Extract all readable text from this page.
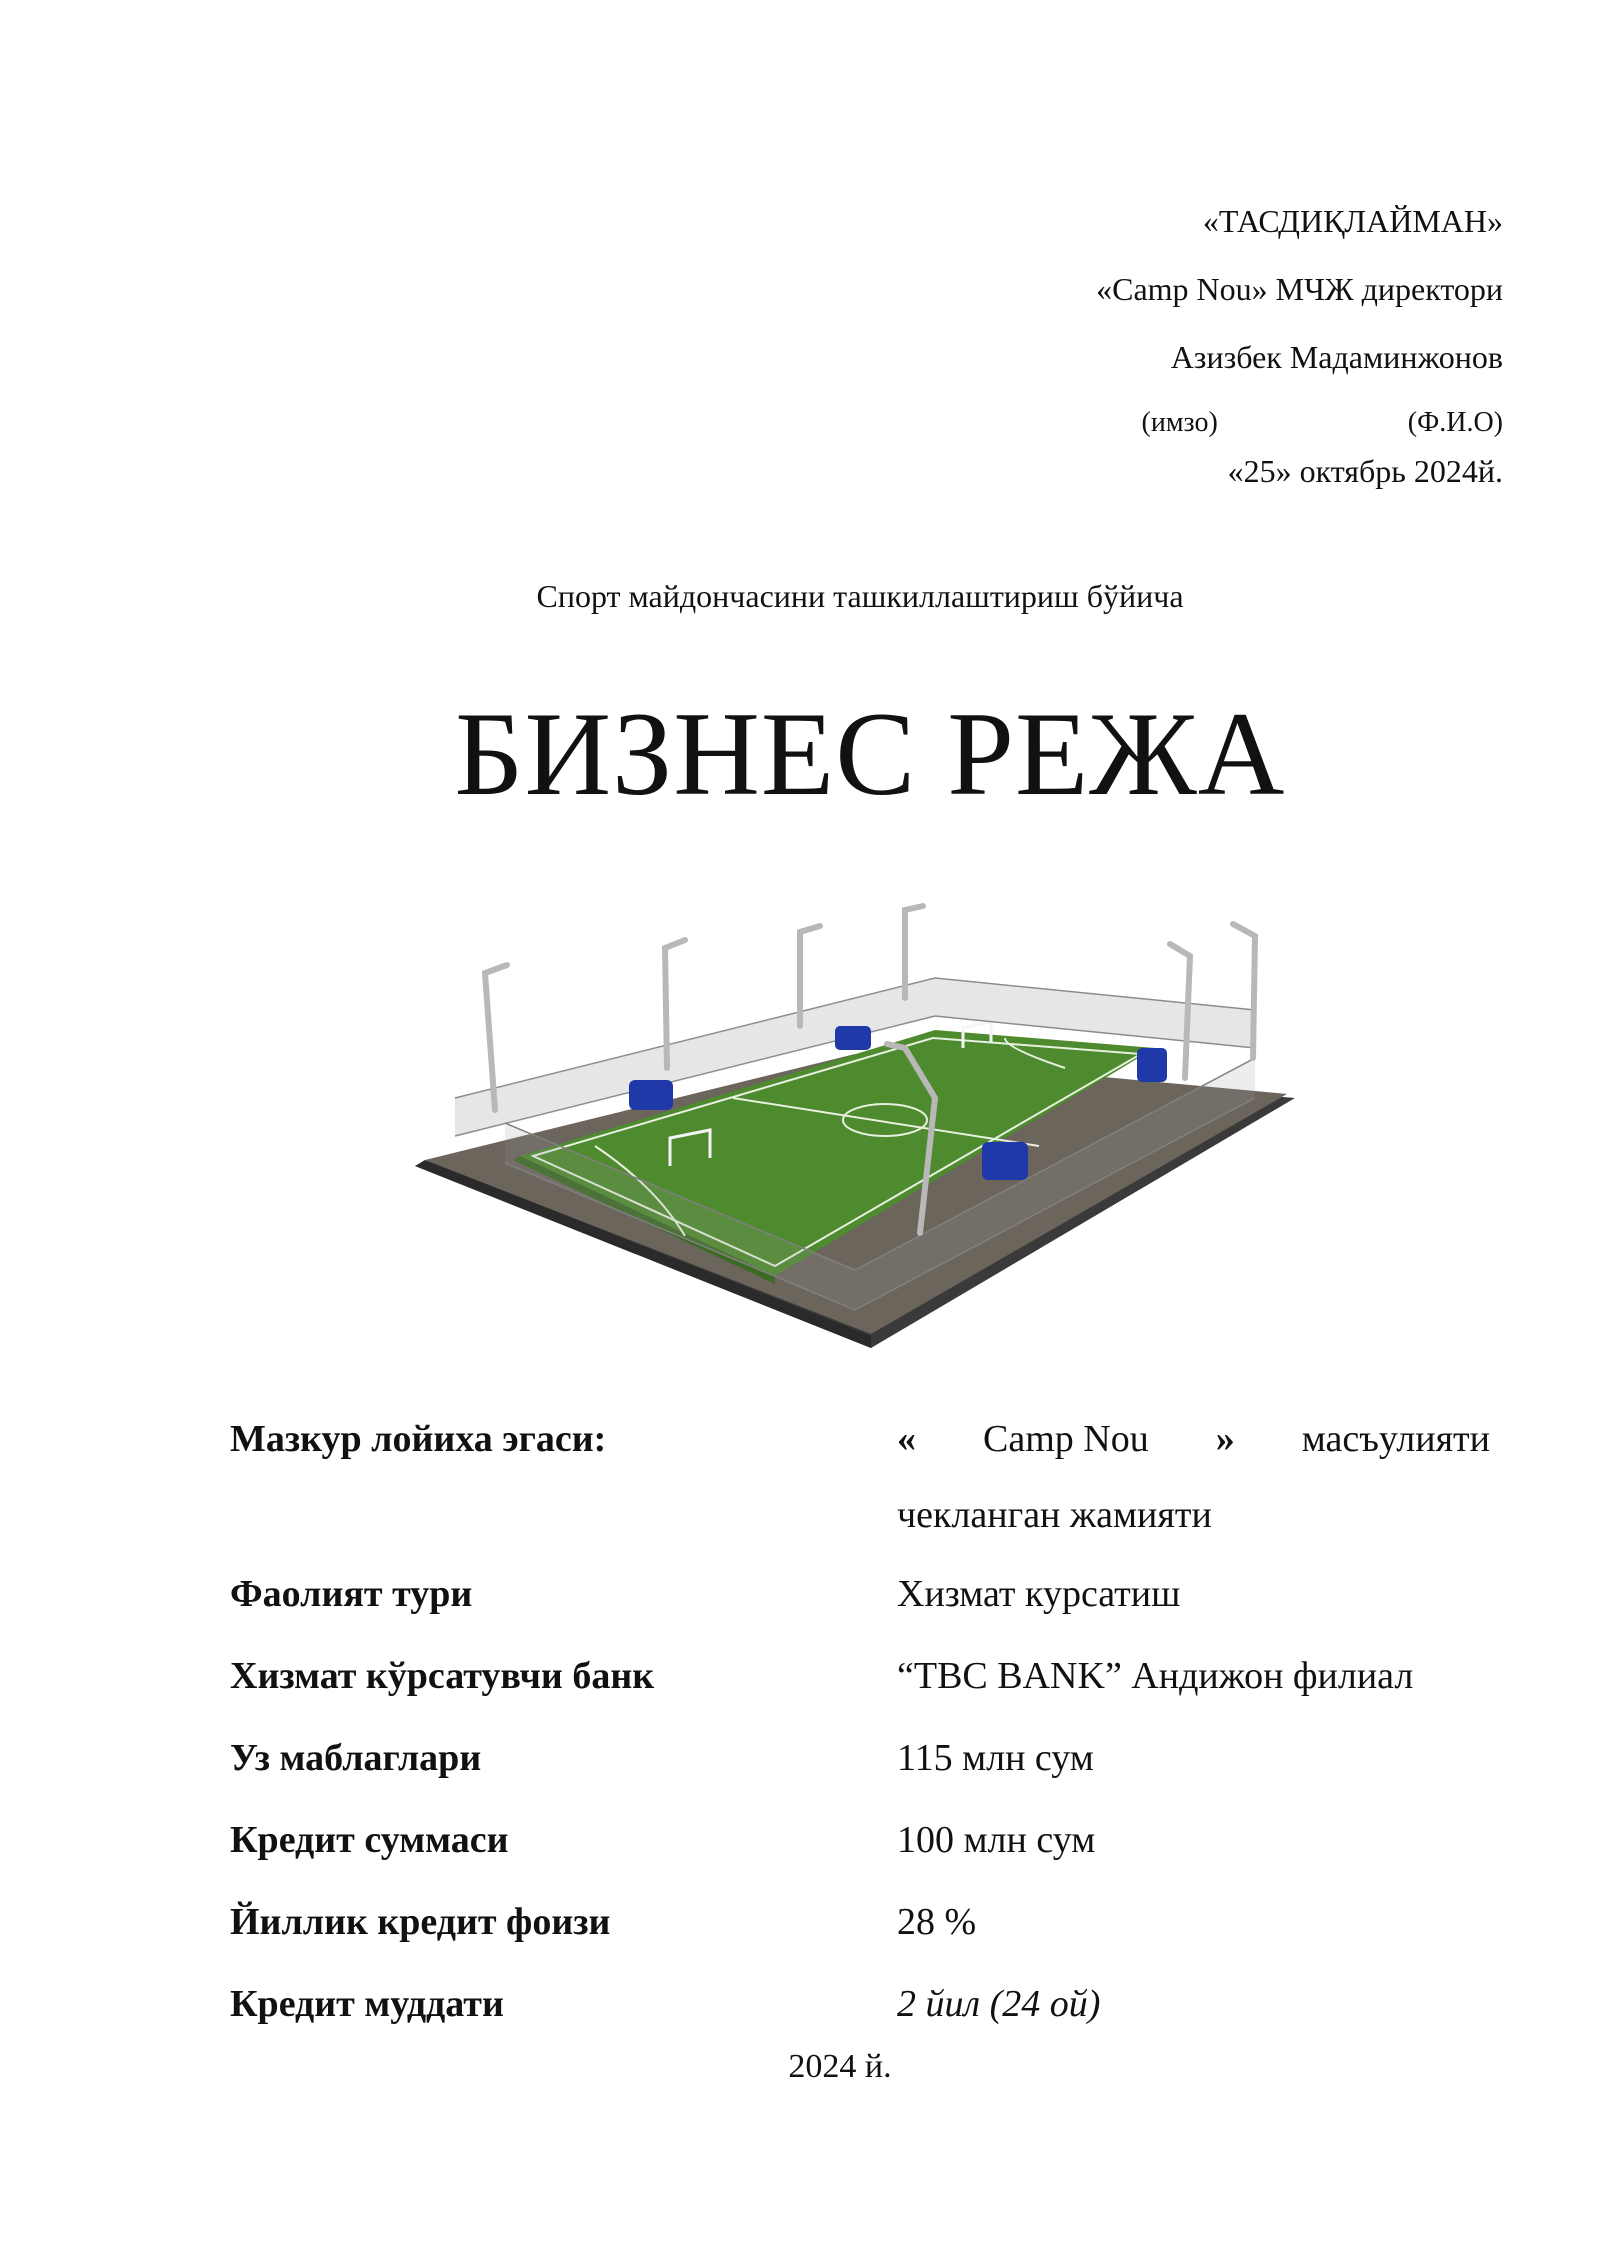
«ТАСДИҚЛАЙМАН»
«Camp Nou» МЧЖ директори
Азизбек Мадаминжонов
(имзо)	(Ф.И.О)
«25» октябрь 2024й.
Спорт майдончасини ташкиллаштириш бўйича
БИЗНЕС РЕЖА
Мазкур лойиха эгаси:	« Camp Nou » масъулияти
чекланган жамияти
Фаолият тури	Хизмат курсатиш
Хизмат кўрсатувчи банк	“TBC BANK” Андижон филиал
Уз маблаглари	115 млн сум
Кредит суммаси	100 млн сум
Йиллик кредит фоизи	28 %
Кредит муддати	2 йил (24 ой)
2024 й.
